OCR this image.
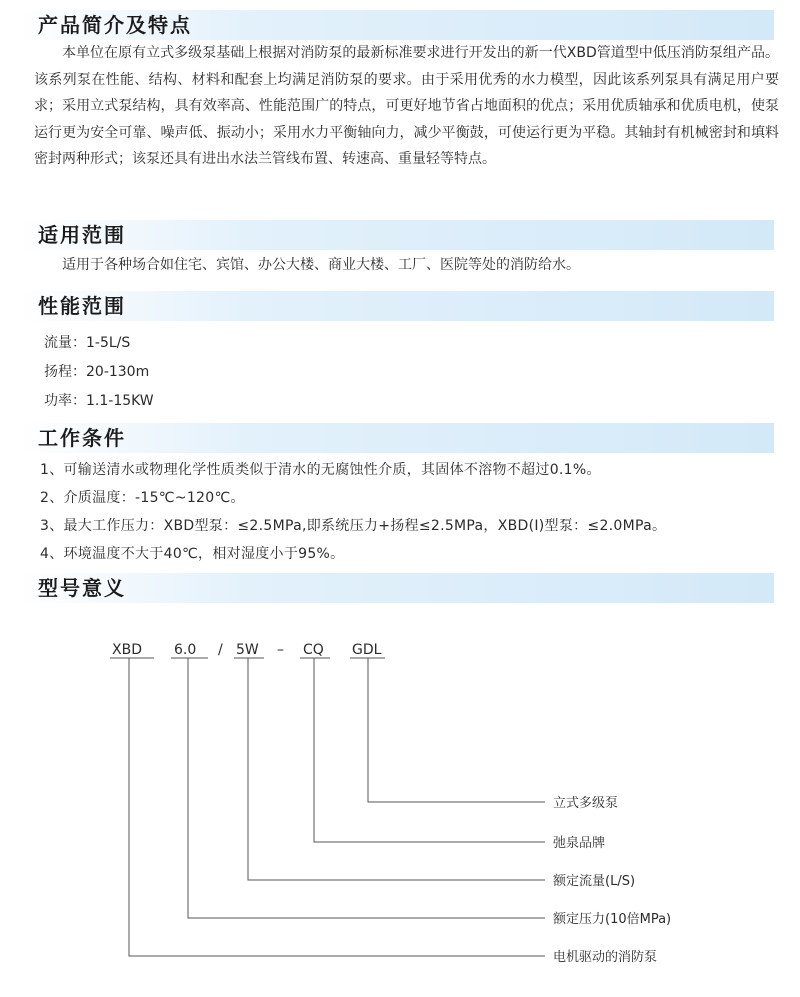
产品简介及特点

本单位在原有立式多级泵基础上根据对消防泵的最新标准要求进行开发出的新一代XBD管道型中低压消防泵组产品。该系列泵在性能、结构、材料和配套上均满足消防泵的要求。由于采用优秀的水力模型，因此该系列泵具有满足用户要求；采用立式泵结构，具有效率高、性能范围广的特点，可更好地节省占地面积的优点；采用优质轴承和优质电机，使泵运行更为安全可靠、噪声低、振动小；采用水力平衡轴向力，减少平衡鼓，可使运行更为平稳。其轴封有机械密封和填料密封两种形式；该泵还具有进出水法兰管线布置、转速高、重量轻等特点。

适用范围
适用于各种场合如住宅、宾馆、办公大楼、商业大楼、工厂、医院等处的消防给水。
性能范围
流量：1-5L/S
扬程：20-130m
功率：1.1-15KW
工作条件
1、可输送清水或物理化学性质类似于清水的无腐蚀性介质，其固体不溶物不超过0.1%。
2、介质温度：-15℃~120℃。
3、最大工作压力：XBD型泵：≤2.5MPa,即系统压力+扬程≤2.5MPa，XBD(Ⅰ)型泵：≤2.0MPa。
4、环境温度不大于40℃，相对湿度小于95%。
型号意义
XBD 6.0 / 5W – CQ GDL
立式多级泵
弛泉品牌
额定流量(L/S)
额定压力(10倍MPa)
电机驱动的消防泵
